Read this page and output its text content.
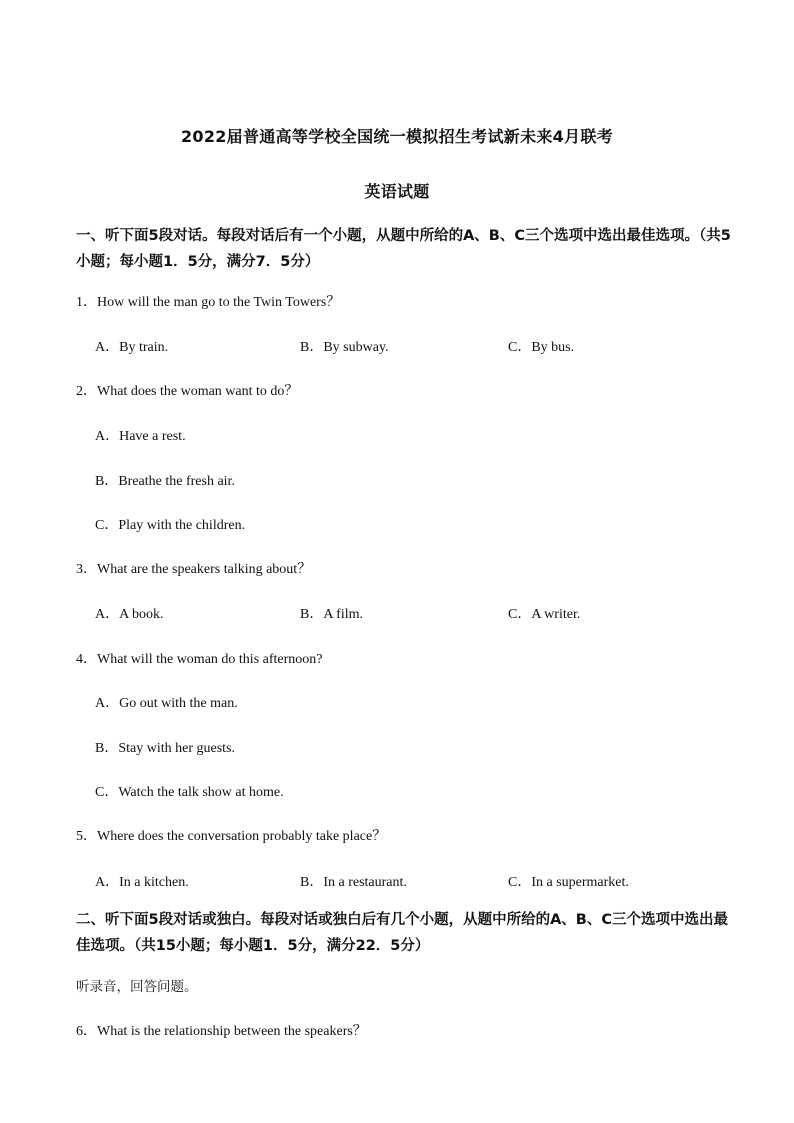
2022届普通高等学校全国统一模拟招生考试新未来4月联考
英语试题
一、听下面5段对话。每段对话后有一个小题，从题中所给的A、B、C三个选项中选出最佳选项。（共5小题；每小题1．5分，满分7．5分）
1．How will the man go to the Twin Towers？
A．By train.	B．By subway.	C．By bus.
2．What does the woman want to do？
A．Have a rest.
B．Breathe the fresh air.
C．Play with the children.
3．What are the speakers talking about？
A．A book.	B．A film.	C．A writer.
4．What will the woman do this afternoon?
A．Go out with the man.
B．Stay with her guests.
C．Watch the talk show at home.
5．Where does the conversation probably take place？
A．In a kitchen.	B．In a restaurant.	C．In a supermarket.
二、听下面5段对话或独白。每段对话或独白后有几个小题，从题中所给的A、B、C三个选项中选出最佳选项。（共15小题；每小题1．5分，满分22．5分）
听录音，回答问题。
6．What is the relationship between the speakers？
